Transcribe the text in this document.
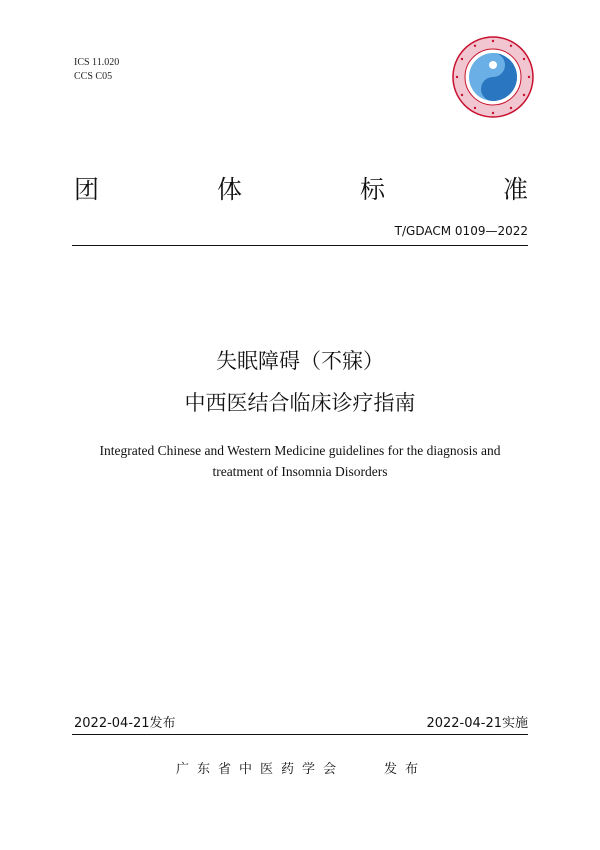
ICS 11.020
CCS C05
团	体	标	准
T/GDACM 0109—2022
失眠障碍（不寐）
中西医结合临床诊疗指南
Integrated Chinese and Western Medicine guidelines for the diagnosis and
treatment of Insomnia Disorders
2022-04-21发布	2022-04-21实施
广东省中医药学会	发布
